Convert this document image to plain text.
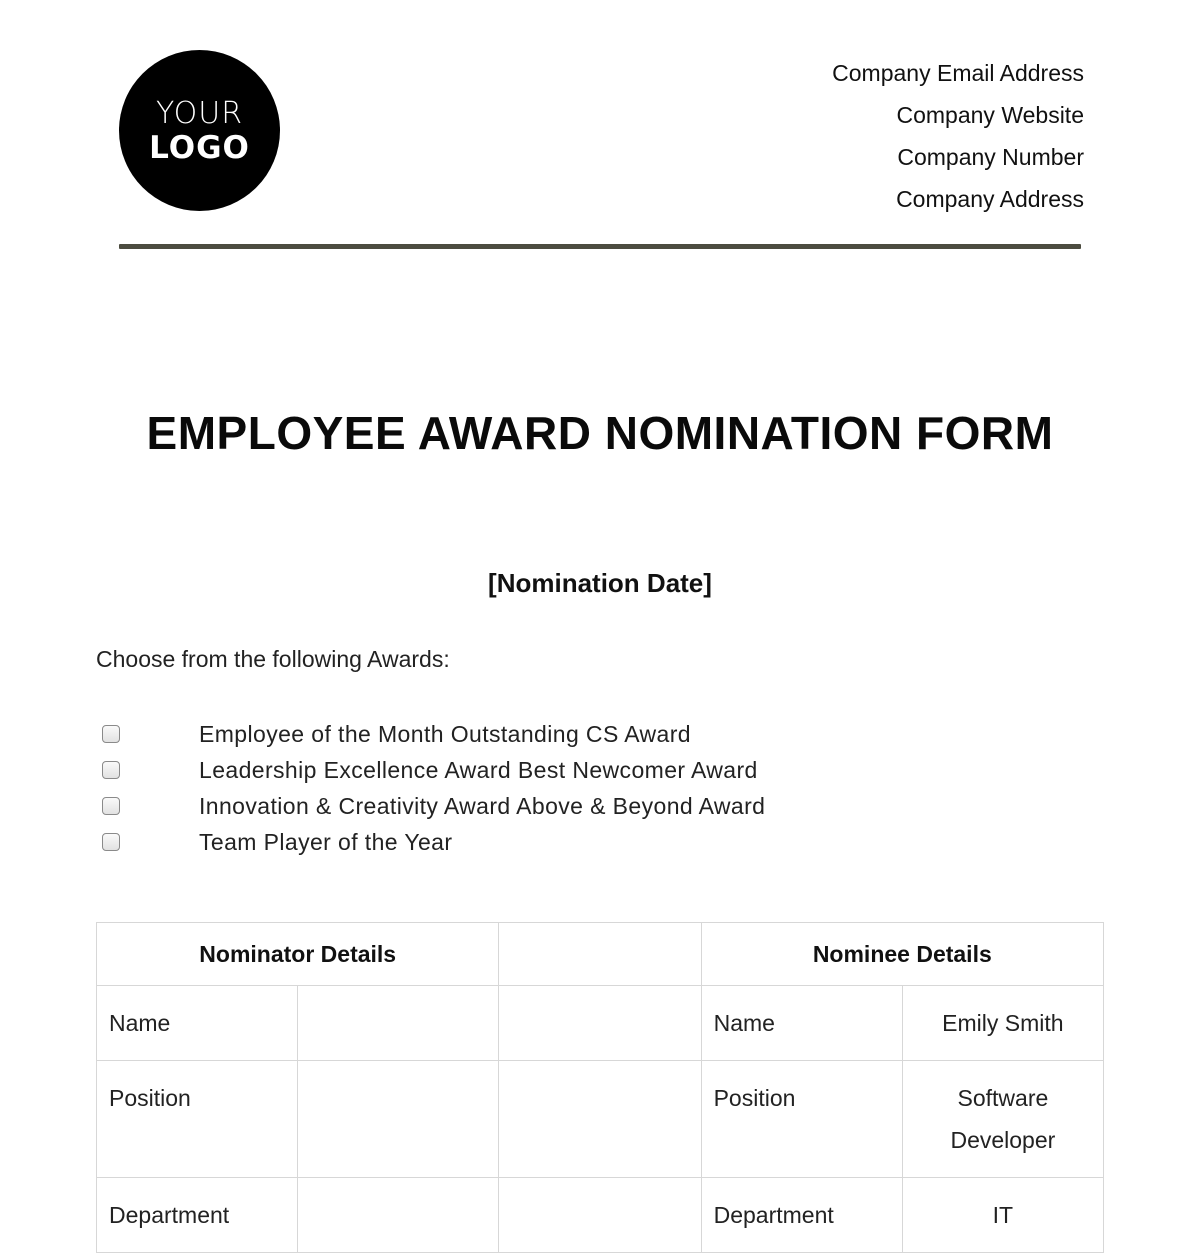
YOUR
LOGO
Company Email Address
Company Website
Company Number
Company Address
EMPLOYEE AWARD NOMINATION FORM
[Nomination Date]
Choose from the following Awards:
Employee of the Month Outstanding CS Award
Leadership Excellence Award Best Newcomer Award
Innovation & Creativity Award Above & Beyond Award
Team Player of the Year
Nominator Details			Nominee Details	
Name			Name	Emily Smith
Position			Position	Software Developer
Department			Department	IT
